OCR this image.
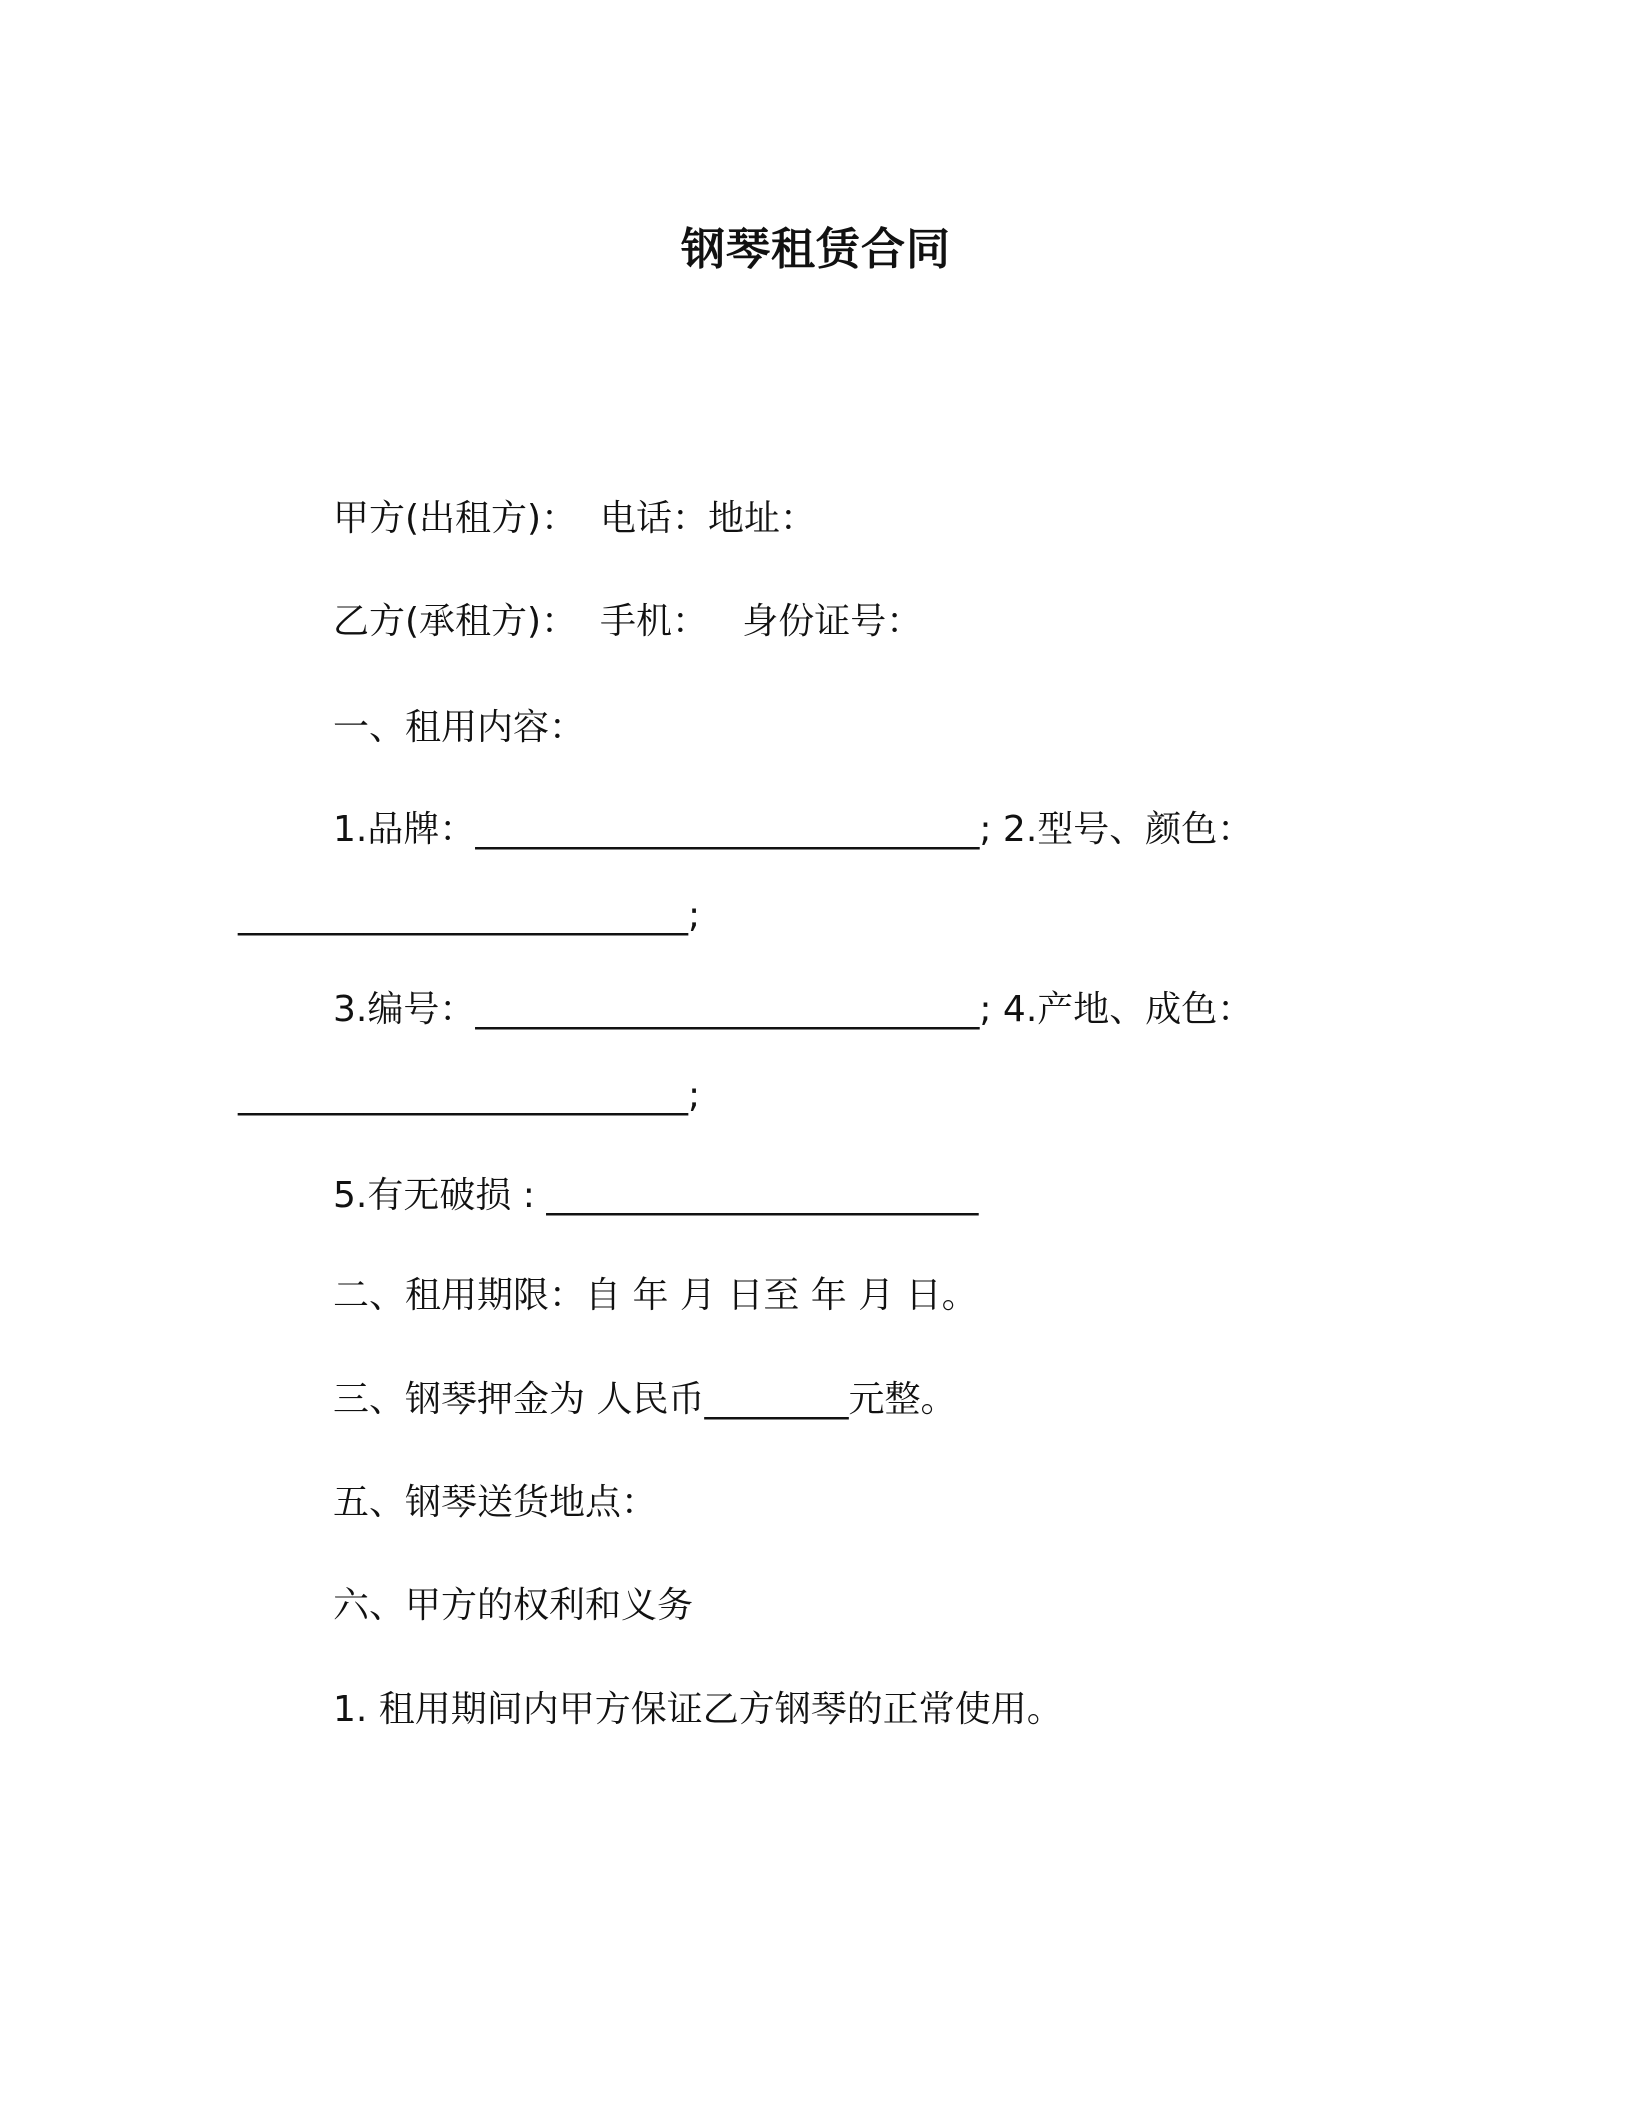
钢琴租赁合同
甲方(出租方)：  电话：地址：
乙方(承租方)：  手机：   身份证号：
一、租用内容：
1.品牌：____________________________; 2.型号、颜色：
_________________________;
3.编号：____________________________; 4.产地、成色：
_________________________;
5.有无破损 : ________________________
二、租用期限：自 年 月 日至 年 月 日。
三、钢琴押金为 人民币________元整。
五、钢琴送货地点：
六、甲方的权利和义务
1. 租用期间内甲方保证乙方钢琴的正常使用。
